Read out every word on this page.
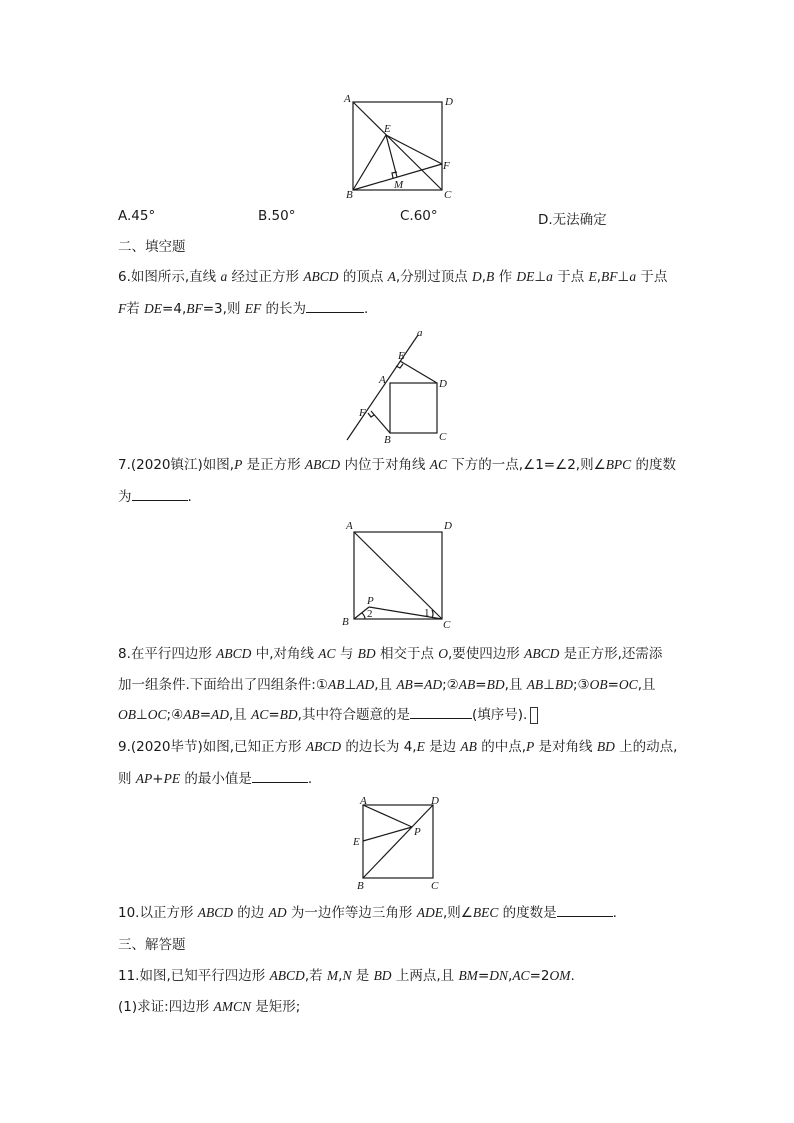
A	D
E
F
M
B	C
A.45°	B.50°	C.60°	D.无法确定
二、填空题
6.如图所示,直线 a 经过正方形 ABCD 的顶点 A,分别过顶点 D,B 作 DE⊥a 于点 E,BF⊥a 于点
F若 DE=4,BF=3,则 EF 的长为	.
a
E
A	D
F
B	C
7.(2020镇江)如图,P 是正方形 ABCD 内位于对角线 AC 下方的一点,∠1=∠2,则∠BPC 的度数
为	.
A	D
P
2	1
B	C
8.在平行四边形 ABCD 中,对角线 AC 与 BD 相交于点 O,要使四边形 ABCD 是正方形,还需添
加一组条件.下面给出了四组条件:①AB⊥AD,且 AB=AD;②AB=BD,且 AB⊥BD;③OB=OC,且
OB⊥OC;④AB=AD,且 AC=BD,其中符合题意的是	(填序号).
9.(2020毕节)如图,已知正方形 ABCD 的边长为 4,E 是边 AB 的中点,P 是对角线 BD 上的动点,
则 AP+PE 的最小值是	.
A	D
P
E
B	C
10.以正方形 ABCD 的边 AD 为一边作等边三角形 ADE,则∠BEC 的度数是	.
三、解答题
11.如图,已知平行四边形 ABCD,若 M,N 是 BD 上两点,且 BM=DN,AC=2OM.
(1)求证:四边形 AMCN 是矩形;
